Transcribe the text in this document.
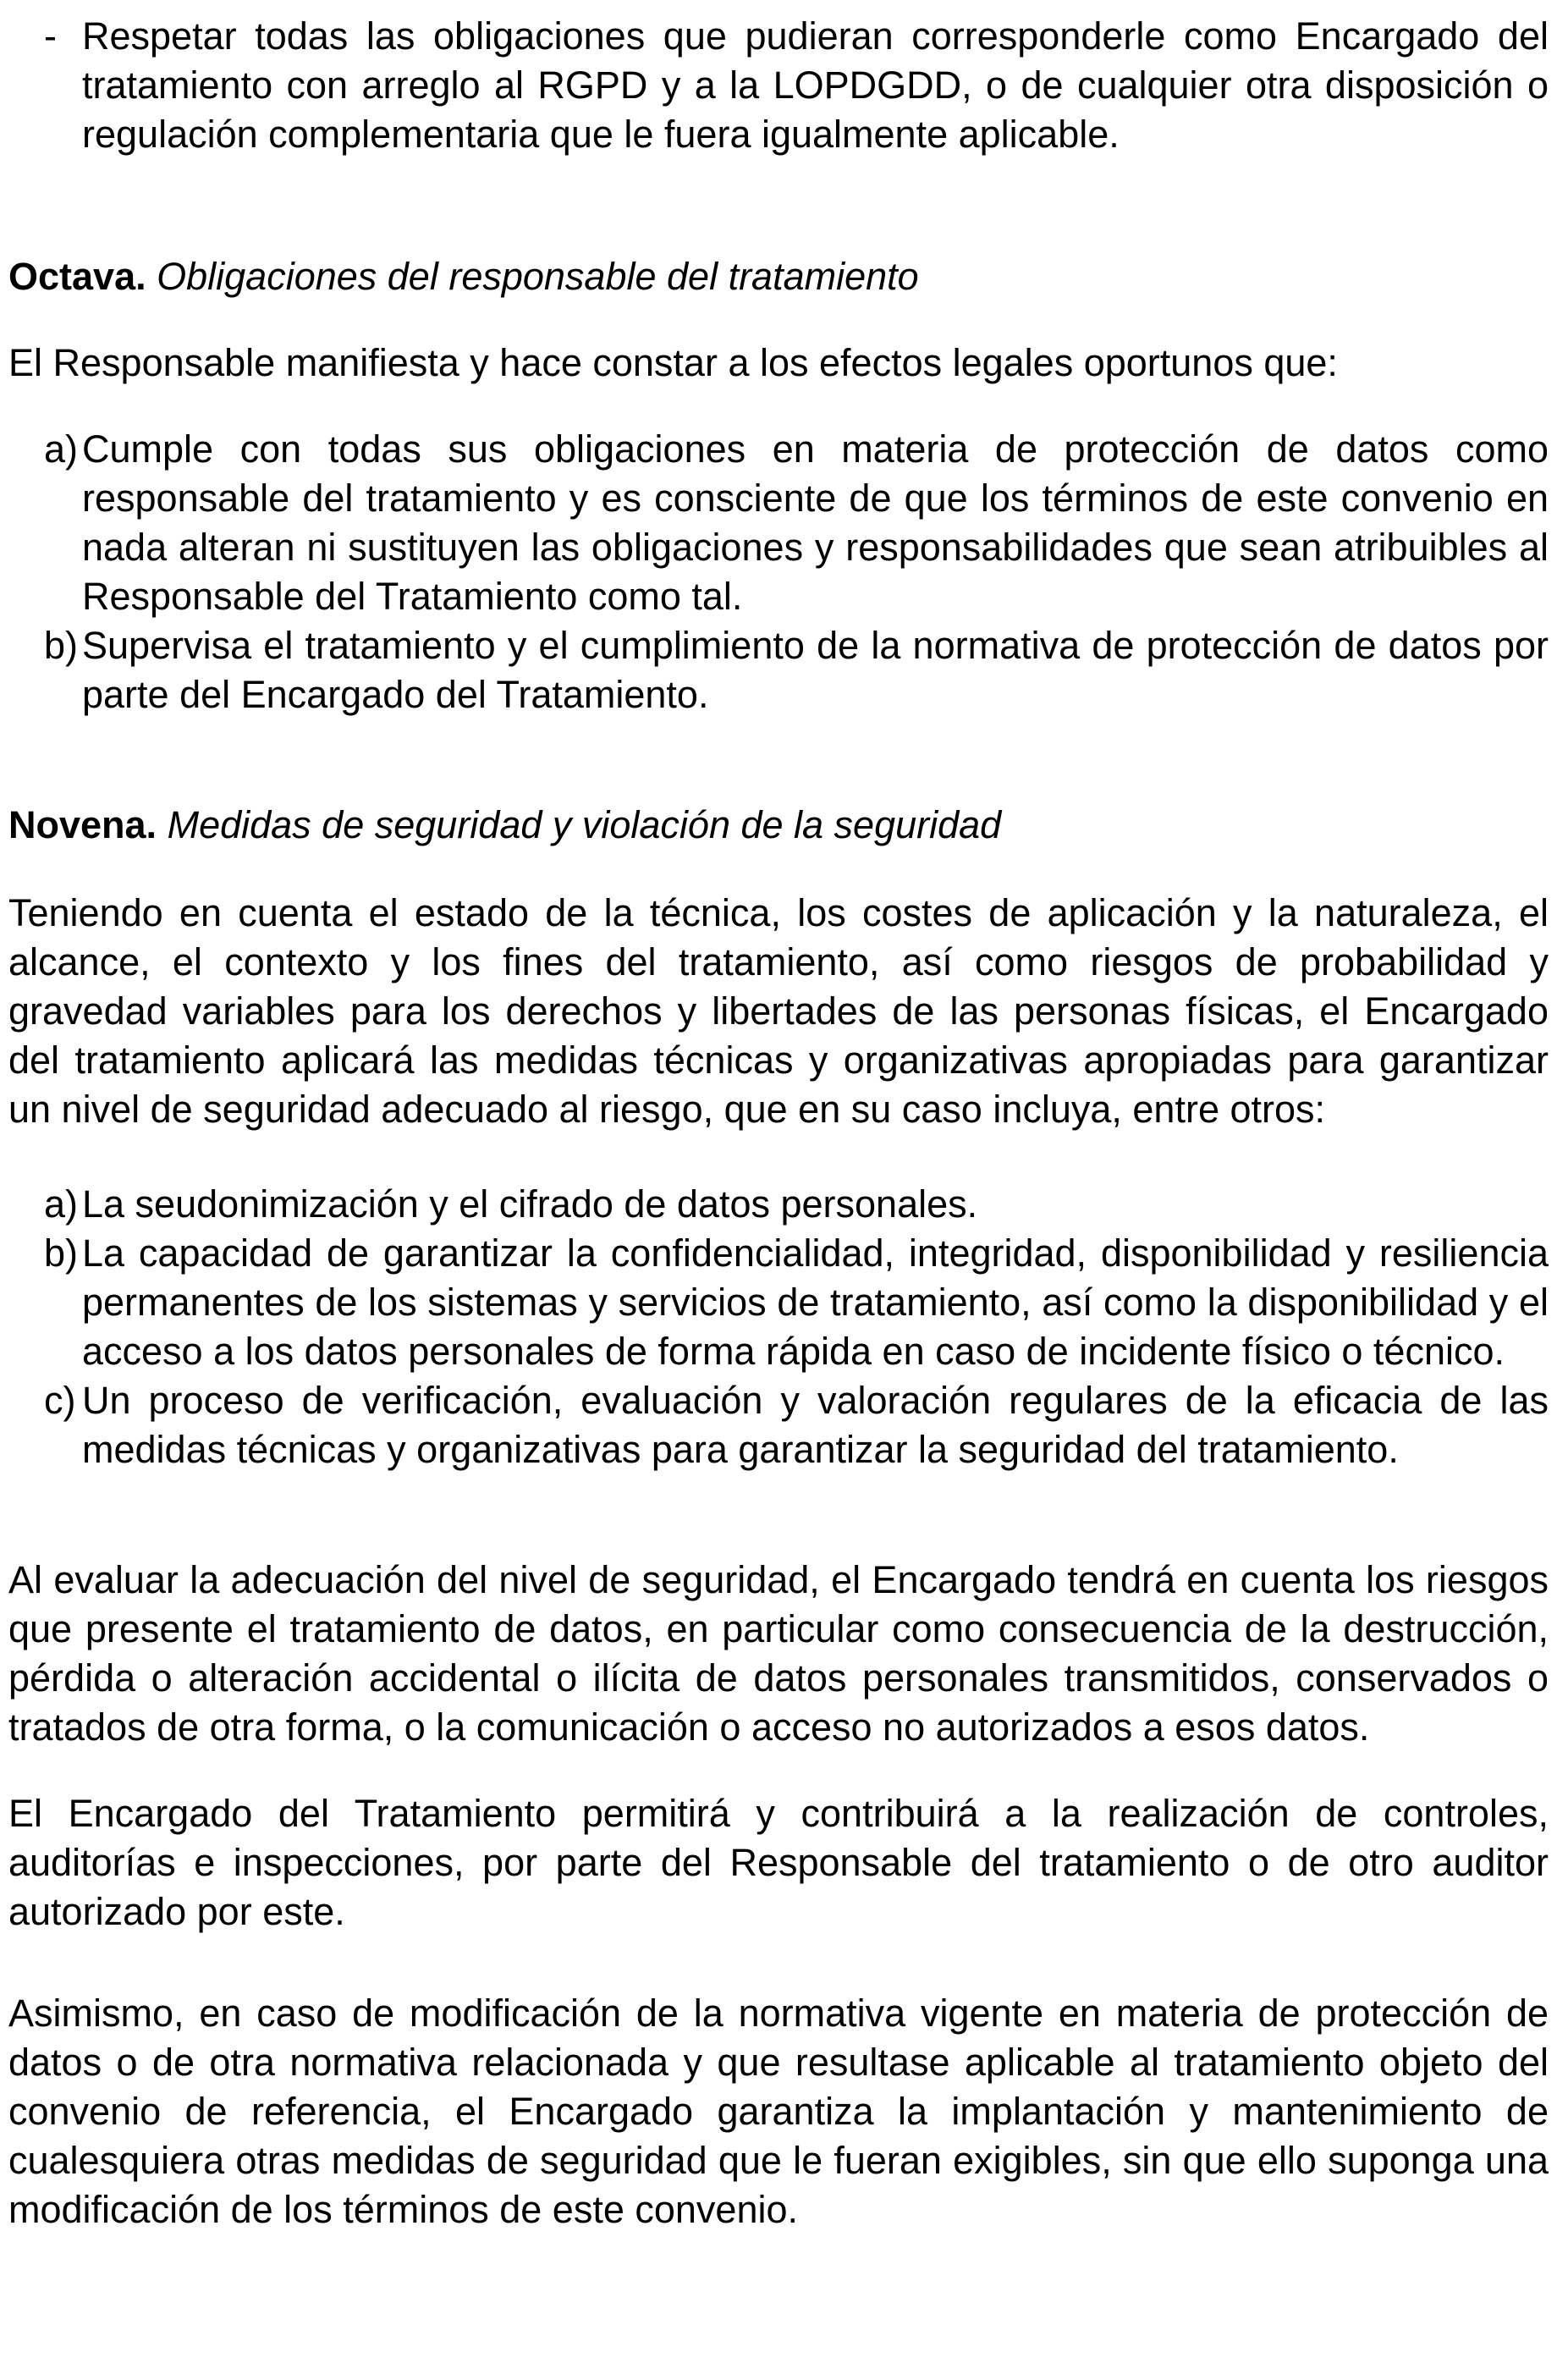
- Respetar todas las obligaciones que pudieran corresponderle como Encargado del tratamiento con arreglo al RGPD y a la LOPDGDD, o de cualquier otra disposición o regulación complementaria que le fuera igualmente aplicable.
Octava. Obligaciones del responsable del tratamiento

El Responsable manifiesta y hace constar a los efectos legales oportunos que:

a) Cumple con todas sus obligaciones en materia de protección de datos como responsable del tratamiento y es consciente de que los términos de este convenio en nada alteran ni sustituyen las obligaciones y responsabilidades que sean atribuibles al Responsable del Tratamiento como tal.
b) Supervisa el tratamiento y el cumplimiento de la normativa de protección de datos por parte del Encargado del Tratamiento.
Novena. Medidas de seguridad y violación de la seguridad

Teniendo en cuenta el estado de la técnica, los costes de aplicación y la naturaleza, el alcance, el contexto y los fines del tratamiento, así como riesgos de probabilidad y gravedad variables para los derechos y libertades de las personas físicas, el Encargado del tratamiento aplicará las medidas técnicas y organizativas apropiadas para garantizar un nivel de seguridad adecuado al riesgo, que en su caso incluya, entre otros:

a) La seudonimización y el cifrado de datos personales.
b) La capacidad de garantizar la confidencialidad, integridad, disponibilidad y resiliencia permanentes de los sistemas y servicios de tratamiento, así como la disponibilidad y el acceso a los datos personales de forma rápida en caso de incidente físico o técnico.
c) Un proceso de verificación, evaluación y valoración regulares de la eficacia de las medidas técnicas y organizativas para garantizar la seguridad del tratamiento.

Al evaluar la adecuación del nivel de seguridad, el Encargado tendrá en cuenta los riesgos que presente el tratamiento de datos, en particular como consecuencia de la destrucción, pérdida o alteración accidental o ilícita de datos personales transmitidos, conservados o tratados de otra forma, o la comunicación o acceso no autorizados a esos datos.

El Encargado del Tratamiento permitirá y contribuirá a la realización de controles, auditorías e inspecciones, por parte del Responsable del tratamiento o de otro auditor autorizado por este.

Asimismo, en caso de modificación de la normativa vigente en materia de protección de datos o de otra normativa relacionada y que resultase aplicable al tratamiento objeto del convenio de referencia, el Encargado garantiza la implantación y mantenimiento de cualesquiera otras medidas de seguridad que le fueran exigibles, sin que ello suponga una modificación de los términos de este convenio.
